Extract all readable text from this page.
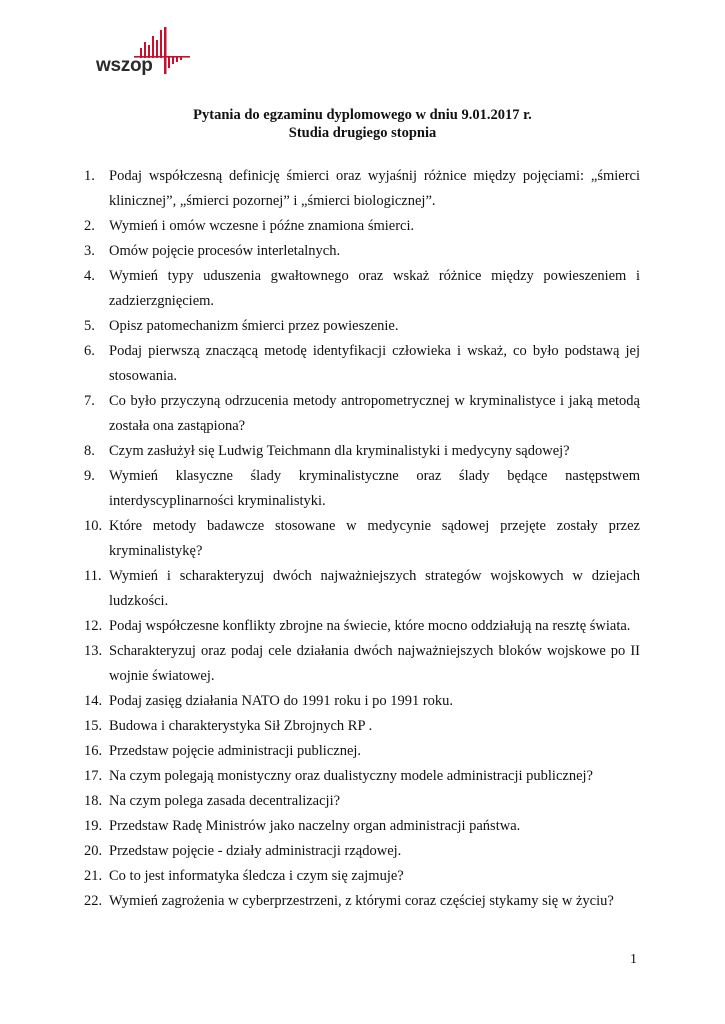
wszop
Pytania do egzaminu dyplomowego w dniu 9.01.2017 r.
Studia drugiego stopnia
1. Podaj współczesną definicję śmierci oraz wyjaśnij różnice między pojęciami: „śmierci klinicznej”, „śmierci pozornej” i „śmierci biologicznej”.
2. Wymień i omów wczesne i późne znamiona śmierci.
3. Omów pojęcie procesów interletalnych.
4. Wymień typy uduszenia gwałtownego oraz wskaż różnice między powieszeniem i zadzierzgnięciem.
5. Opisz patomechanizm śmierci przez powieszenie.
6. Podaj pierwszą znaczącą metodę identyfikacji człowieka i wskaż, co było podstawą jej stosowania.
7. Co było przyczyną odrzucenia metody antropometrycznej w kryminalistyce i jaką metodą została ona zastąpiona?
8. Czym zasłużył się Ludwig Teichmann dla kryminalistyki i medycyny sądowej?
9. Wymień klasyczne ślady kryminalistyczne oraz ślady będące następstwem interdyscyplinarności kryminalistyki.
10. Które metody badawcze stosowane w medycynie sądowej przejęte zostały przez kryminalistykę?
11. Wymień i scharakteryzuj dwóch najważniejszych strategów wojskowych w dziejach ludzkości.
12. Podaj współczesne konflikty zbrojne na świecie, które mocno oddziałują na resztę świata.
13. Scharakteryzuj oraz podaj cele działania dwóch najważniejszych bloków wojskowe po II wojnie światowej.
14. Podaj zasięg działania NATO do 1991 roku i po 1991 roku.
15. Budowa i charakterystyka Sił Zbrojnych RP .
16. Przedstaw pojęcie administracji publicznej.
17. Na czym polegają monistyczny oraz dualistyczny modele administracji publicznej?
18. Na czym polega zasada decentralizacji?
19. Przedstaw Radę Ministrów jako naczelny organ administracji państwa.
20. Przedstaw pojęcie - działy administracji rządowej.
21. Co to jest informatyka śledcza i czym się zajmuje?
22. Wymień zagrożenia w cyberprzestrzeni, z którymi coraz częściej stykamy się w życiu?
1
